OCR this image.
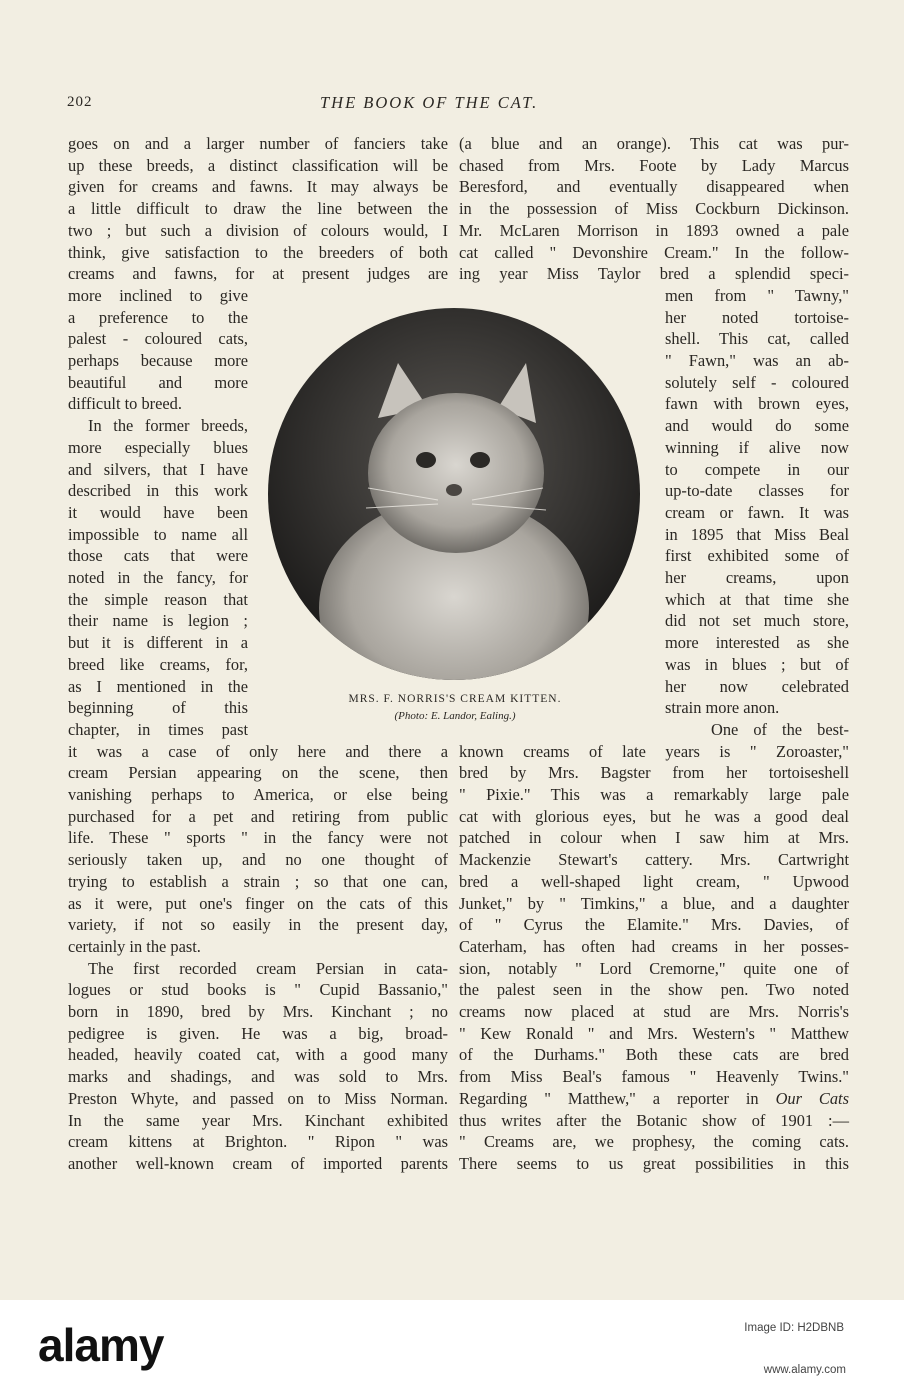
202	THE BOOK OF THE CAT.
goes on and a larger number of fanciers take
up these breeds, a distinct classification will be
given for creams and fawns. It may always be
a little difficult to draw the line between the
two ; but such a division of colours would, I
think, give satisfaction to the breeders of both
creams and fawns, for at present judges are
more inclined to give
a preference to the
palest - coloured cats,
perhaps because more
beautiful and more
difficult to breed.
In the former breeds,
more especially blues
and silvers, that I have
described in this work
it would have been
impossible to name all
those cats that were
noted in the fancy, for
the simple reason that
their name is legion ;
but it is different in a
breed like creams, for,
as I mentioned in the
beginning of this
chapter, in times past
it was a case of only here and there a
cream Persian appearing on the scene, then
vanishing perhaps to America, or else being
purchased for a pet and retiring from public
life. These " sports " in the fancy were not
seriously taken up, and no one thought of
trying to establish a strain ; so that one can,
as it were, put one's finger on the cats of this
variety, if not so easily in the present day,
certainly in the past.
The first recorded cream Persian in cata-
logues or stud books is " Cupid Bassanio,"
born in 1890, bred by Mrs. Kinchant ; no
pedigree is given. He was a big, broad-
headed, heavily coated cat, with a good many
marks and shadings, and was sold to Mrs.
Preston Whyte, and passed on to Miss Norman.
In the same year Mrs. Kinchant exhibited
cream kittens at Brighton. " Ripon " was
another well-known cream of imported parents
(a blue and an orange). This cat was pur-
chased from Mrs. Foote by Lady Marcus
Beresford, and eventually disappeared when
in the possession of Miss Cockburn Dickinson.
Mr. McLaren Morrison in 1893 owned a pale
cat called " Devonshire Cream." In the follow-
ing year Miss Taylor bred a splendid speci-
men from " Tawny,"
her noted tortoise-
shell. This cat, called
" Fawn," was an ab-
solutely self - coloured
fawn with brown eyes,
and would do some
winning if alive now
to compete in our
up-to-date classes for
cream or fawn. It was
in 1895 that Miss Beal
first exhibited some of
her creams, upon
which at that time she
did not set much store,
more interested as she
was in blues ; but of
her now celebrated
strain more anon.
One of the best-
known creams of late years is " Zoroaster,"
bred by Mrs. Bagster from her tortoiseshell
" Pixie." This was a remarkably large pale
cat with glorious eyes, but he was a good deal
patched in colour when I saw him at Mrs.
Mackenzie Stewart's cattery. Mrs. Cartwright
bred a well-shaped light cream, " Upwood
Junket," by " Timkins," a blue, and a daughter
of " Cyrus the Elamite." Mrs. Davies, of
Caterham, has often had creams in her posses-
sion, notably " Lord Cremorne," quite one of
the palest seen in the show pen. Two noted
creams now placed at stud are Mrs. Norris's
" Kew Ronald " and Mrs. Western's " Matthew
of the Durhams." Both these cats are bred
from Miss Beal's famous " Heavenly Twins."
Regarding " Matthew," a reporter in Our Cats
thus writes after the Botanic show of 1901 :—
" Creams are, we prophesy, the coming cats.
There seems to us great possibilities in this
MRS. F. NORRIS'S CREAM KITTEN.
(Photo: E. Landor, Ealing.)
alamy	Image ID: H2DBNB
www.alamy.com
